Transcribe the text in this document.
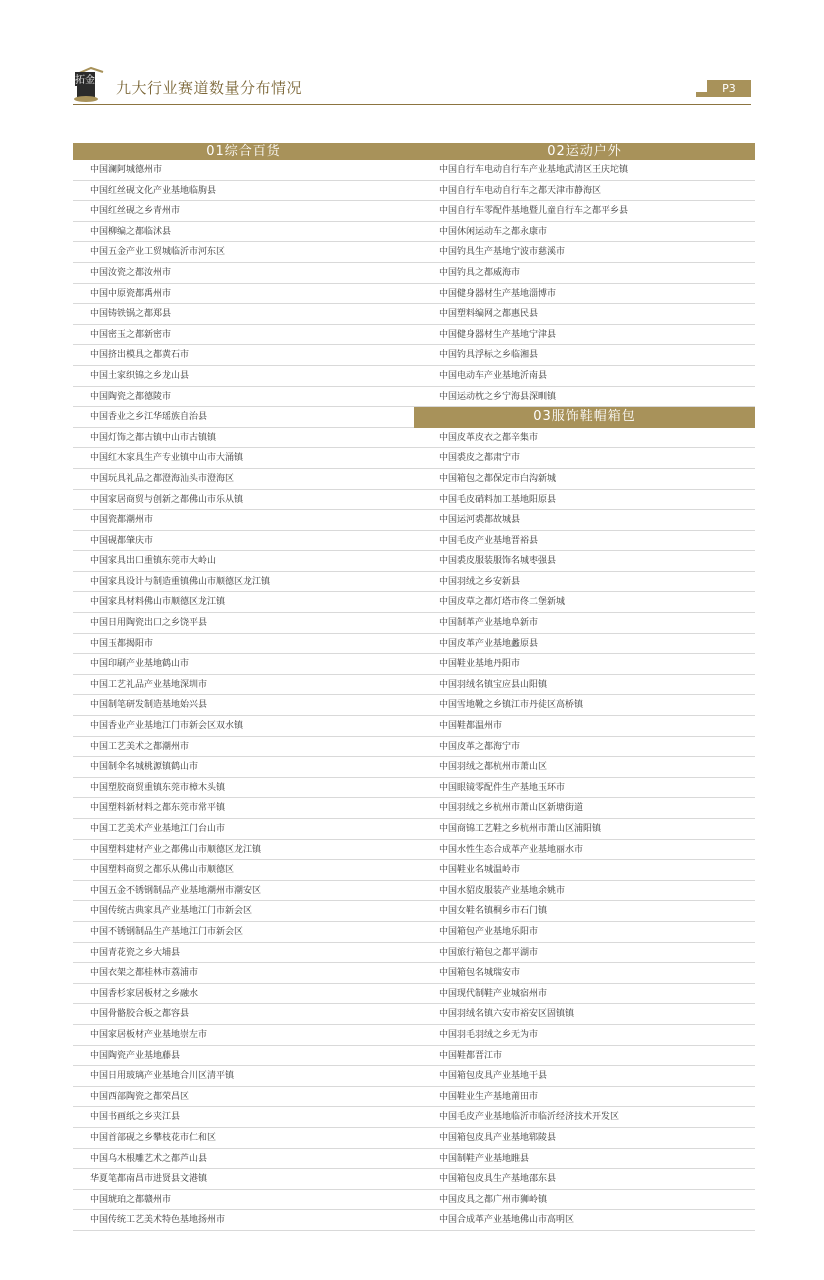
拓金 九大行业赛道数量分布情况	P3
01综合百货
中国澜阿城德州市
中国红丝砚文化产业基地临朐县
中国红丝砚之乡青州市
中国柳编之都临沭县
中国五金产业工贸城临沂市河东区
中国汝瓷之都汝州市
中国中原瓷都禹州市
中国铸铁锅之都郑县
中国密玉之都新密市
中国挤出模具之都黄石市
中国土家织锦之乡龙山县
中国陶瓷之都德陵市
中国香业之乡江华瑶族自治县
中国灯饰之都古镇中山市古镇镇
中国红木家具生产专业镇中山市大涌镇
中国玩具礼品之都澄海汕头市澄海区
中国家居商贸与创新之都佛山市乐从镇
中国瓷都潮州市
中国砚都肇庆市
中国家具出口重镇东莞市大岭山
中国家具设计与制造重镇佛山市顺德区龙江镇
中国家具材料佛山市顺德区龙江镇
中国日用陶瓷出口之乡饶平县
中国玉都揭阳市
中国印刷产业基地鹤山市
中国工艺礼品产业基地深圳市
中国制笔研发制造基地始兴县
中国香业产业基地江门市新会区双水镇
中国工艺美术之都潮州市
中国制伞名城桃源镇鹤山市
中国塑胶商贸重镇东莞市樟木头镇
中国塑料新材料之都东莞市常平镇
中国工艺美术产业基地江门台山市
中国塑料建材产业之都佛山市顺德区龙江镇
中国塑料商贸之都乐从佛山市顺德区
中国五金不锈钢制品产业基地潮州市潮安区
中国传统古典家具产业基地江门市新会区
中国不锈钢制品生产基地江门市新会区
中国青花瓷之乡大埔县
中国衣架之都桂林市荔浦市
中国香杉家居板材之乡融水
中国骨骼胶合板之都容县
中国家居板材产业基地崇左市
中国陶瓷产业基地藤县
中国日用玻璃产业基地合川区清平镇
中国西部陶瓷之都荣昌区
中国书画纸之乡夹江县
中国首部砚之乡攀枝花市仁和区
中国乌木根雕艺术之都芦山县
华夏笔都南昌市进贤县文港镇
中国琥珀之都赣州市
中国传统工艺美术特色基地扬州市
02运动户外
中国自行车电动自行车产业基地武清区王庆坨镇
中国自行车电动自行车之都天津市静海区
中国自行车零配件基地暨儿童自行车之都平乡县
中国休闲运动车之都永康市
中国钓具生产基地宁波市慈溪市
中国钓具之都威海市
中国健身器材生产基地淄博市
中国塑料编网之都惠民县
中国健身器材生产基地宁津县
中国钓具浮标之乡临湘县
中国电动车产业基地沂南县
中国运动枕之乡宁海县深甽镇
03服饰鞋帽箱包
中国皮革皮衣之都辛集市
中国裘皮之都肃宁市
中国箱包之都保定市白沟新城
中国毛皮硝料加工基地阳原县
中国运河裘都故城县
中国毛皮产业基地晋裕县
中国裘皮服装服饰名城枣强县
中国羽绒之乡安新县
中国皮草之都灯塔市佟二堡新城
中国制革产业基地阜新市
中国皮革产业基地蠡原县
中国鞋业基地丹阳市
中国羽绒名镇宝应县山阳镇
中国雪地靴之乡镇江市丹徒区高桥镇
中国鞋都温州市
中国皮革之都海宁市
中国羽绒之都杭州市萧山区
中国眼镜零配件生产基地玉环市
中国羽绒之乡杭州市萧山区新塘街道
中国商锦工艺鞋之乡杭州市萧山区浦阳镇
中国水性生态合成革产业基地丽水市
中国鞋业名城温岭市
中国水貂皮服装产业基地余姚市
中国女鞋名镇桐乡市石门镇
中国箱包产业基地乐阳市
中国旅行箱包之都平湖市
中国箱包名城瑞安市
中国现代制鞋产业城宿州市
中国羽绒名镇六安市裕安区固镇镇
中国羽毛羽绒之乡无为市
中国鞋都晋江市
中国箱包皮具产业基地干县
中国鞋业生产基地莆田市
中国毛皮产业基地临沂市临沂经济技术开发区
中国箱包皮具产业基地郓陵县
中国制鞋产业基地睢县
中国箱包皮具生产基地邵东县
中国皮具之都广州市狮岭镇
中国合成革产业基地佛山市高明区
